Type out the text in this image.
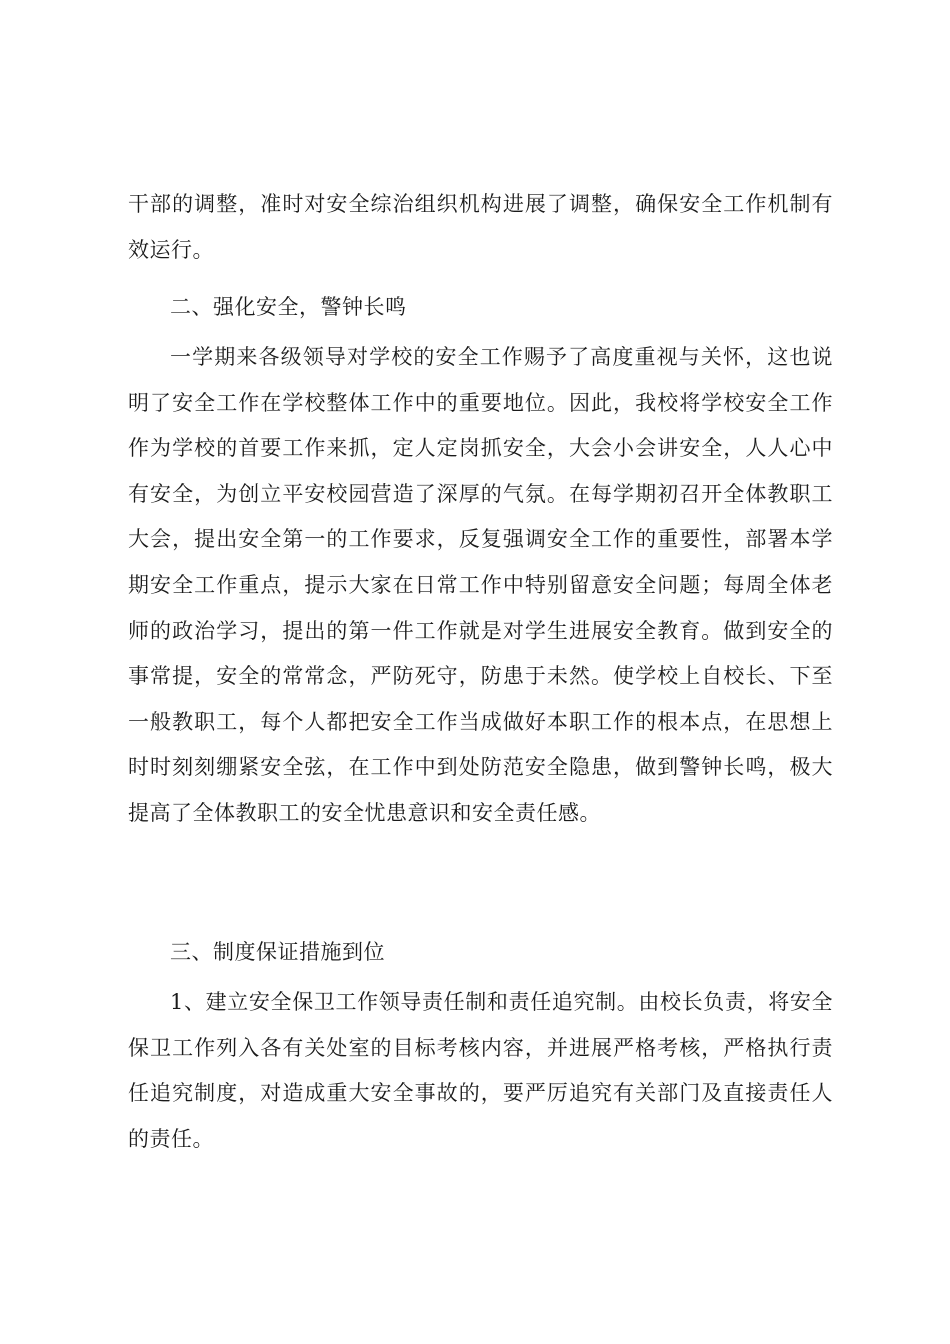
干部的调整，准时对安全综治组织机构进展了调整，确保安全工作机制有效运行。
二、强化安全，警钟长鸣
一学期来各级领导对学校的安全工作赐予了高度重视与关怀，这也说明了安全工作在学校整体工作中的重要地位。因此，我校将学校安全工作作为学校的首要工作来抓，定人定岗抓安全，大会小会讲安全，人人心中有安全，为创立平安校园营造了深厚的气氛。在每学期初召开全体教职工大会，提出安全第一的工作要求，反复强调安全工作的重要性，部署本学期安全工作重点，提示大家在日常工作中特别留意安全问题；每周全体老师的政治学习，提出的第一件工作就是对学生进展安全教育。做到安全的事常提，安全的常常念，严防死守，防患于未然。使学校上自校长、下至一般教职工，每个人都把安全工作当成做好本职工作的根本点，在思想上时时刻刻绷紧安全弦，在工作中到处防范安全隐患，做到警钟长鸣，极大提高了全体教职工的安全忧患意识和安全责任感。
三、制度保证措施到位
1、建立安全保卫工作领导责任制和责任追究制。由校长负责，将安全保卫工作列入各有关处室的目标考核内容，并进展严格考核，严格执行责任追究制度，对造成重大安全事故的，要严厉追究有关部门及直接责任人的责任。
